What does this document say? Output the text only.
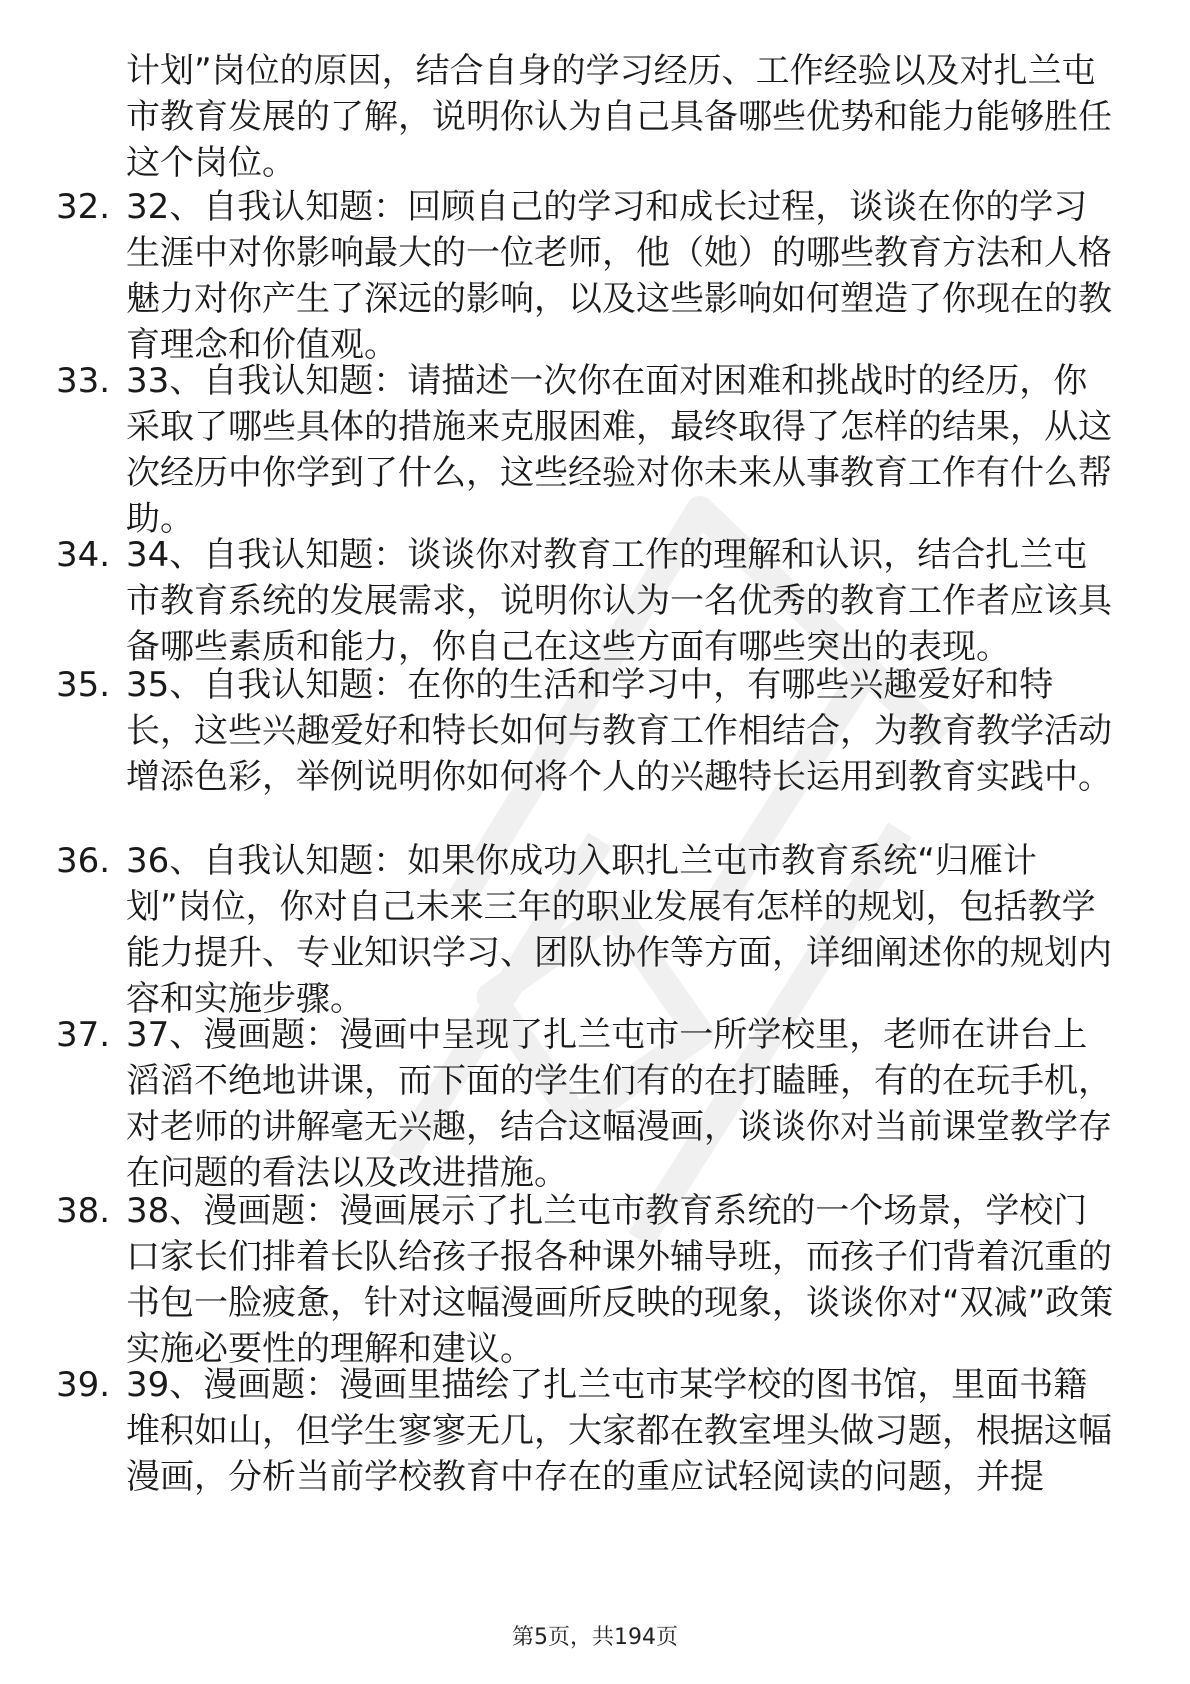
计划”岗位的原因，结合自身的学习经历、工作经验以及对扎兰屯市教育发展的了解，说明你认为自己具备哪些优势和能力能够胜任这个岗位。

32. 32、自我认知题：回顾自己的学习和成长过程，谈谈在你的学习生涯中对你影响最大的一位老师，他（她）的哪些教育方法和人格魅力对你产生了深远的影响，以及这些影响如何塑造了你现在的教育理念和价值观。

33. 33、自我认知题：请描述一次你在面对困难和挑战时的经历，你采取了哪些具体的措施来克服困难，最终取得了怎样的结果，从这次经历中你学到了什么，这些经验对你未来从事教育工作有什么帮助。

34. 34、自我认知题：谈谈你对教育工作的理解和认识，结合扎兰屯市教育系统的发展需求，说明你认为一名优秀的教育工作者应该具备哪些素质和能力，你自己在这些方面有哪些突出的表现。

35. 35、自我认知题：在你的生活和学习中，有哪些兴趣爱好和特长，这些兴趣爱好和特长如何与教育工作相结合，为教育教学活动增添色彩，举例说明你如何将个人的兴趣特长运用到教育实践中。

36. 36、自我认知题：如果你成功入职扎兰屯市教育系统“归雁计划”岗位，你对自己未来三年的职业发展有怎样的规划，包括教学能力提升、专业知识学习、团队协作等方面，详细阐述你的规划内容和实施步骤。

37. 37、漫画题：漫画中呈现了扎兰屯市一所学校里，老师在讲台上滔滔不绝地讲课，而下面的学生们有的在打瞌睡，有的在玩手机，对老师的讲解毫无兴趣，结合这幅漫画，谈谈你对当前课堂教学存在问题的看法以及改进措施。

38. 38、漫画题：漫画展示了扎兰屯市教育系统的一个场景，学校门口家长们排着长队给孩子报各种课外辅导班，而孩子们背着沉重的书包一脸疲惫，针对这幅漫画所反映的现象，谈谈你对“双减”政策实施必要性的理解和建议。

39. 39、漫画题：漫画里描绘了扎兰屯市某学校的图书馆，里面书籍堆积如山，但学生寥寥无几，大家都在教室埋头做习题，根据这幅漫画，分析当前学校教育中存在的重应试轻阅读的问题，并提

第5页，共194页
